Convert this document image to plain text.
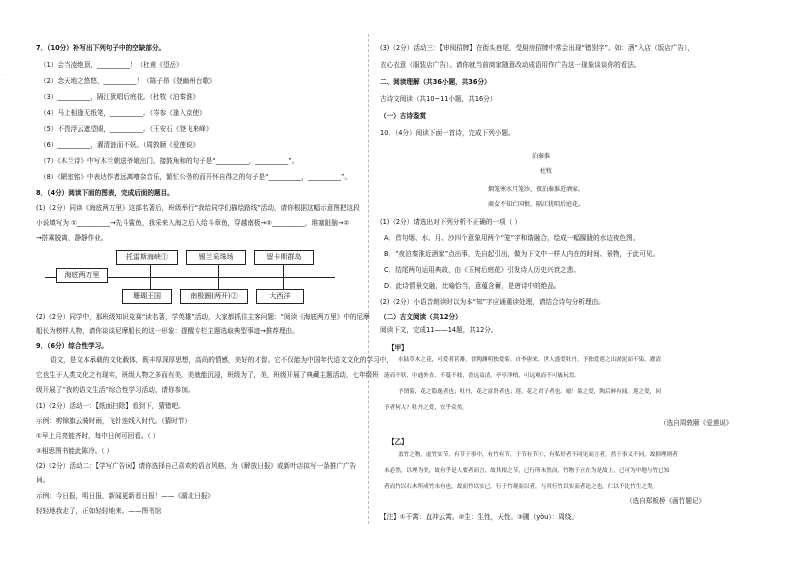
…
7．（10分）补写出下列句子中的空缺部分。
（1）会当凌绝顶，__________！（杜甫《望岳》
（2）念天地之悠悠，__________！（陈子昂《登幽州台歌》
（3）__________，隔江犹唱后庭花。（杜牧《泊秦淮》
（4）马上相逢无纸笔，__________。（岑参《逢入京使》
（5）不畏浮云遮望眼，__________。（王安石《登飞来峰》
（6）__________，濯清涟而不妖。（周敦颐《爱莲说》
（7）《木兰诗》中写木兰朝送爷娘出门，接鼓角和的句子是“__________，__________”。
（8）《陋室铭》中表达作者远离嘈杂音乐，繁忙公务的而开怀自得之的句子是“__________，__________”。
8．（4分）阅读下面的图表，完成后面的题目。
(1)（2分）同读《海底两万里》这部名著后，班级举行“我给同学们描绘路线”活动，请你根据这幅示意图把这段
小说填写为 ①__________→先斗鲨鱼，我采来入海之后入给斗章鱼，穿越南极→②__________，堆塞脏脑→②
→搭乘脱离，静静作业。
海底两万里
托雷斯海峡①	锡兰采珠场	留卡斯群岛
珊瑚王国	南极圈(两开)②	大西洋
(2)（2分）同学中，那班级知识竞赛“读名著，学英雄”活动，大家都抓住主客问题：“阅读《海底两万里》中的尼摩
船长为榜样人物，请你谈谈尼摩船长的这一形象：提醒专栏主题选取典型事迹→推荐理由。
9．（6分）综合性学习。
语文，是文本承载的文化载体，既丰厚深厚思想，高尚的情感，美好的才智。它不仅能为中国年代语文文化的学习中，
它也生于人类文化之有现实，班级人物之多而有美，美就能沉浸，班级为了，美，班级开展了典藏主题活动，七年级班
级开展了“我的语文生活”综合性学习活动，请你参加。
(1)（2分）活动一：【纸面扫除】看到下，猜错吧。
示例：剪锦旗云骑时雨，飞针连线入时代。（猜时节）
①早上月亮能齐时，每中日何可回看。（ ）
②相思图书能此陈冷。（ ）
(2)（2分）活动二：【学写广告词】请你选择自己喜欢的语言风格，为《解放日报》或新叶店拟写一条推广广告
词。
示例：今日报，明日报，新闻更新看日报！——《湖北日报》
轻轻地我走了，正如轻轻地来。——图书馆
(3)（2分）活动三：【审阅招牌】在街头巷尾，受厨房招牌中常会出现“错别字”。如：酒”入店（饭店广告），
衣心衣意（服装店广告）。请你就当前商家随意改动成语用作广告这一现象谈谈你的看法。
二、阅读理解（共36小题，共36分）
古诗文阅读（共10~11小题，共16分）
（一）古诗鉴赏
10．（4分）阅读下面一首诗，完成下列小题。
泊秦淮
杜牧
烟笼寒水月笼沙，夜泊秦淮近酒家。
商女不知亡国恨，隔江犹唱后庭花。
(1)（2分）请选出对下列分析不正确的一项（ ）
A．首句烟、水、月、沙四个意象用两个“笼”字和谐融合，绘成一幅朦胧的水边夜色图。
B．“夜泊秦淮近酒家”点出事，先自起引出，做为下文中一样人内在的时间、景物，于此可见。
C．结尾两句运用典故，由《玉树后庭花》引发诗人历史兴衰之悲。
D．此诗情景交融，比喻恰当，意蕴含蓄，是唐诗中的绝品。
(2)（2分）小语音朗读时以为本“知”字应诵重读处理，请结合诗句分析理由。
（二）古文阅读（共12分）
阅读下文，完成11——14题，共12分。
【甲】
水陆草木之花，可爱者甚蕃。晋陶渊明独爱菊。自李唐来，世人盛爱牡丹。予独爱莲之出淤泥而不染，濯清
涟而不妖，中通外直，不蔓不枝，香远益清，亭亭净植，可远观而不可亵玩焉。
予谓菊，花之隐逸者也；牡丹，花之富贵者也；莲，花之君子者也。噫！菊之爱，陶后鲜有闻。莲之爱，同
予者何人？牡丹之爱，宜乎众矣。
（选自周敦颐《爱莲说》
【乙】
盖竹之物，虚竹实节，有节于事中，有竹有节，于节有节①，有私好者不同见而言者，然于事义不同。故抑理则者
未必然，以理为美，故有乎是人要者而言，故其根之节，已行所未然而，竹物于立在为是故上，已可为中地与竹已知
者而竹以石木所成竹未有也，故而竹以实已。行于竹观而以者，与其行竹以实而者论之也，仁以不比竹生之类。
（选自郑板桥《画竹题记》
【注】①干霄：直冲云霄。②生：生性，天性。③圃（yòu）：周绕。
